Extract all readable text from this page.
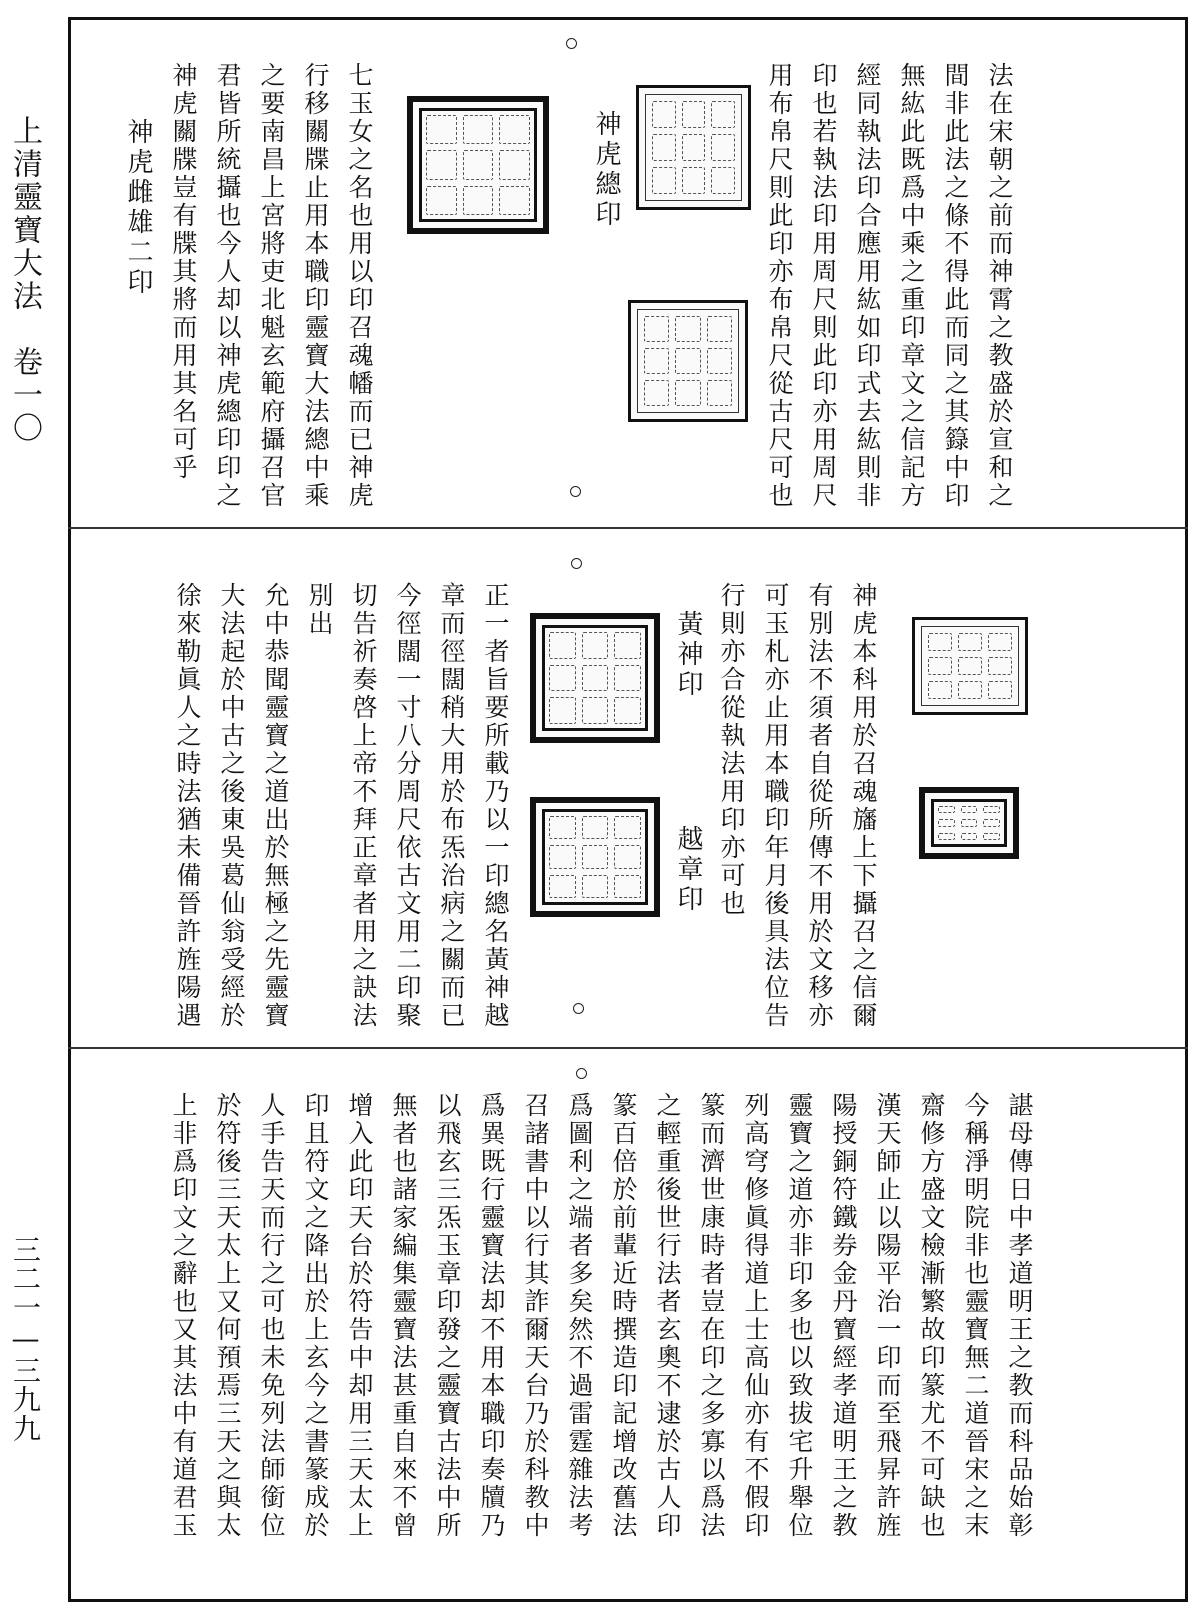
上清靈寶大法　卷一〇
三二一—三九九
法在宋朝之前而神霄之教盛於宣和之
間非此法之條不得此而同之其籙中印
無紘此既爲中乘之重印章文之信記方
經同執法印合應用紘如印式去紘則非
印也若執法印用周尺則此印亦用周尺
用布帛尺則此印亦布帛尺從古尺可也
神虎總印
七玉女之名也用以印召魂幡而已神虎
行移關牒止用本職印靈寶大法總中乘
之要南昌上宮將吏北魁玄範府攝召官
君皆所統攝也今人却以神虎總印印之
神虎關牒豈有牒其將而用其名可乎
神虎雌雄二印
神虎本科用於召魂旛上下攝召之信爾
有別法不須者自從所傳不用於文移亦
可玉札亦止用本職印年月後具法位告
行則亦合從執法用印亦可也
黃神印
越章印
正一者旨要所載乃以一印總名黃神越
章而徑闊稍大用於布炁治病之關而已
今徑闊一寸八分周尺依古文用二印聚
切告祈奏啓上帝不拜正章者用之訣法
別出
允中恭聞靈寶之道出於無極之先靈寶
大法起於中古之後東吳葛仙翁受經於
徐來勒眞人之時法猶未備晉許旌陽遇
諶母傳日中孝道明王之教而科品始彰
今稱淨明院非也靈寶無二道晉宋之末
齋修方盛文檢漸繁故印篆尤不可缺也
漢天師止以陽平治一印而至飛昇許旌
陽授銅符鐵券金丹寶經孝道明王之教
靈寶之道亦非印多也以致拔宅升舉位
列高穹修眞得道上士高仙亦有不假印
篆而濟世康時者豈在印之多寡以爲法
之輕重後世行法者玄奧不逮於古人印
篆百倍於前輩近時撰造印記增改舊法
爲圖利之端者多矣然不過雷霆雜法考
召諸書中以行其詐爾天台乃於科教中
爲異既行靈寶法却不用本職印奏牘乃
以飛玄三炁玉章印發之靈寶古法中所
無者也諸家編集靈寶法甚重自來不曾
增入此印天台於符告中却用三天太上
印且符文之降出於上玄今之書篆成於
人手告天而行之可也未免列法師銜位
於符後三天太上又何預焉三天之與太
上非爲印文之辭也又其法中有道君玉
